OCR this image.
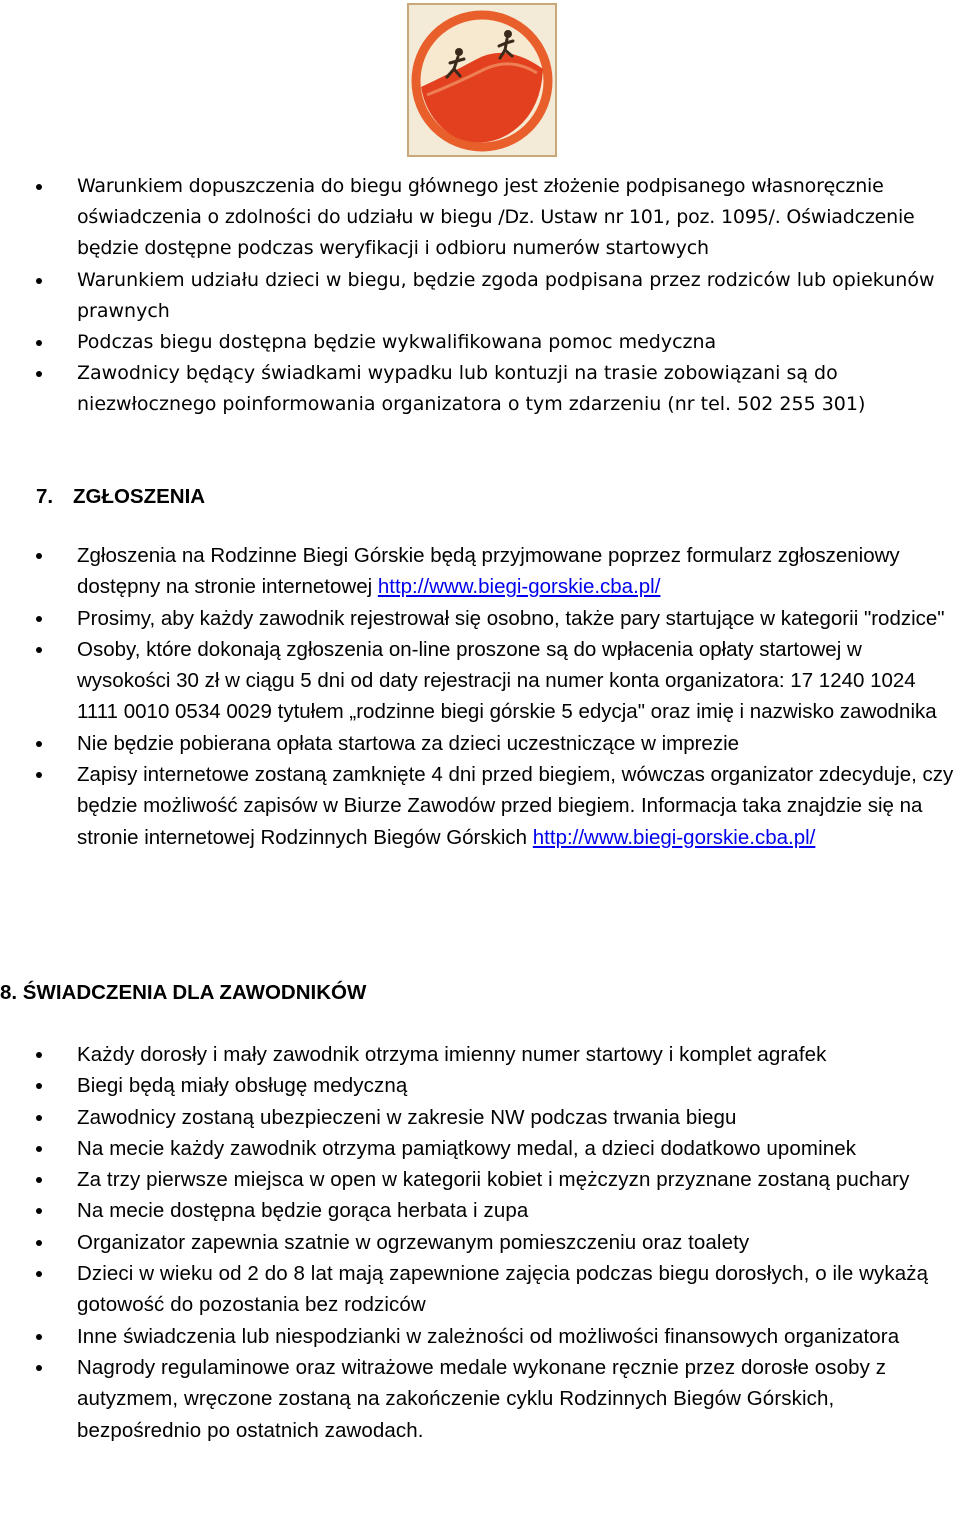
Warunkiem dopuszczenia do biegu głównego jest złożenie podpisanego własnoręcznie oświadczenia o zdolności do udziału w biegu /Dz. Ustaw nr 101, poz. 1095/. Oświadczenie będzie dostępne podczas weryfikacji i odbioru numerów startowych
Warunkiem udziału dzieci w biegu, będzie zgoda podpisana przez rodziców lub opiekunów prawnych
Podczas biegu dostępna będzie wykwalifikowana pomoc medyczna
Zawodnicy będący świadkami wypadku lub kontuzji na trasie zobowiązani są do niezwłocznego poinformowania organizatora o tym zdarzeniu (nr tel. 502 255 301)
7. ZGŁOSZENIA
Zgłoszenia na Rodzinne Biegi Górskie będą przyjmowane poprzez formularz zgłoszeniowy dostępny na stronie internetowej http://www.biegi-gorskie.cba.pl/
Prosimy, aby każdy zawodnik rejestrował się osobno, także pary startujące w kategorii "rodzice"
Osoby, które dokonają zgłoszenia on-line proszone są do wpłacenia opłaty startowej w wysokości 30 zł w ciągu 5 dni od daty rejestracji na numer konta organizatora: 17 1240 1024 1111 0010 0534 0029 tytułem „rodzinne biegi górskie 5 edycja" oraz imię i nazwisko zawodnika
Nie będzie pobierana opłata startowa za dzieci uczestniczące w imprezie
Zapisy internetowe zostaną zamknięte 4 dni przed biegiem, wówczas organizator zdecyduje, czy będzie możliwość zapisów w Biurze Zawodów przed biegiem. Informacja taka znajdzie się na stronie internetowej Rodzinnych Biegów Górskich http://www.biegi-gorskie.cba.pl/
8. ŚWIADCZENIA DLA ZAWODNIKÓW
Każdy dorosły i mały zawodnik otrzyma imienny numer startowy i komplet agrafek
Biegi będą miały obsługę medyczną
Zawodnicy zostaną ubezpieczeni w zakresie NW podczas trwania biegu
Na mecie każdy zawodnik otrzyma pamiątkowy medal, a dzieci dodatkowo upominek
Za trzy pierwsze miejsca w open w kategorii kobiet i mężczyzn przyznane zostaną puchary
Na mecie dostępna będzie gorąca herbata i zupa
Organizator zapewnia szatnie w ogrzewanym pomieszczeniu oraz toalety
Dzieci w wieku od 2 do 8 lat mają zapewnione zajęcia podczas biegu dorosłych, o ile wykażą gotowość do pozostania bez rodziców
Inne świadczenia lub niespodzianki w zależności od możliwości finansowych organizatora
Nagrody regulaminowe oraz witrażowe medale wykonane ręcznie przez dorosłe osoby z autyzmem, wręczone zostaną na zakończenie cyklu Rodzinnych Biegów Górskich, bezpośrednio po ostatnich zawodach.
